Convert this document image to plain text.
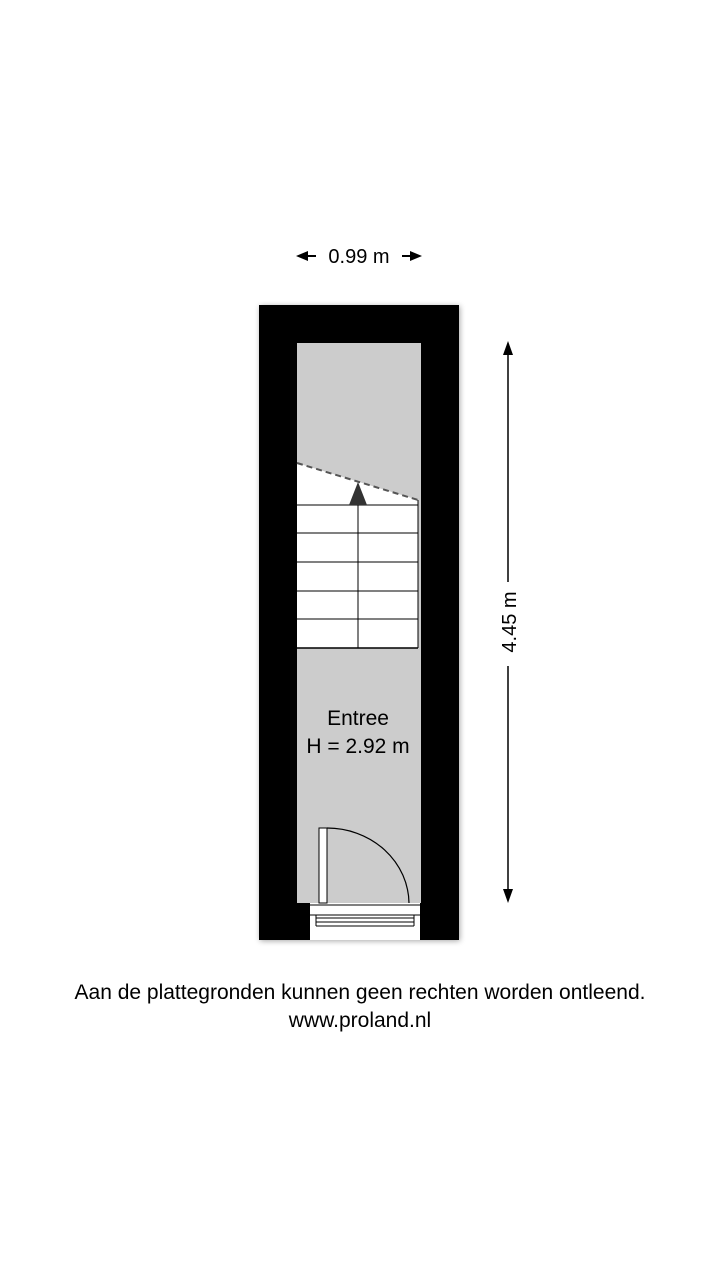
0.99 m
Entree
H = 2.92 m
4.45 m
Aan de plattegronden kunnen geen rechten worden ontleend.
www.proland.nl
